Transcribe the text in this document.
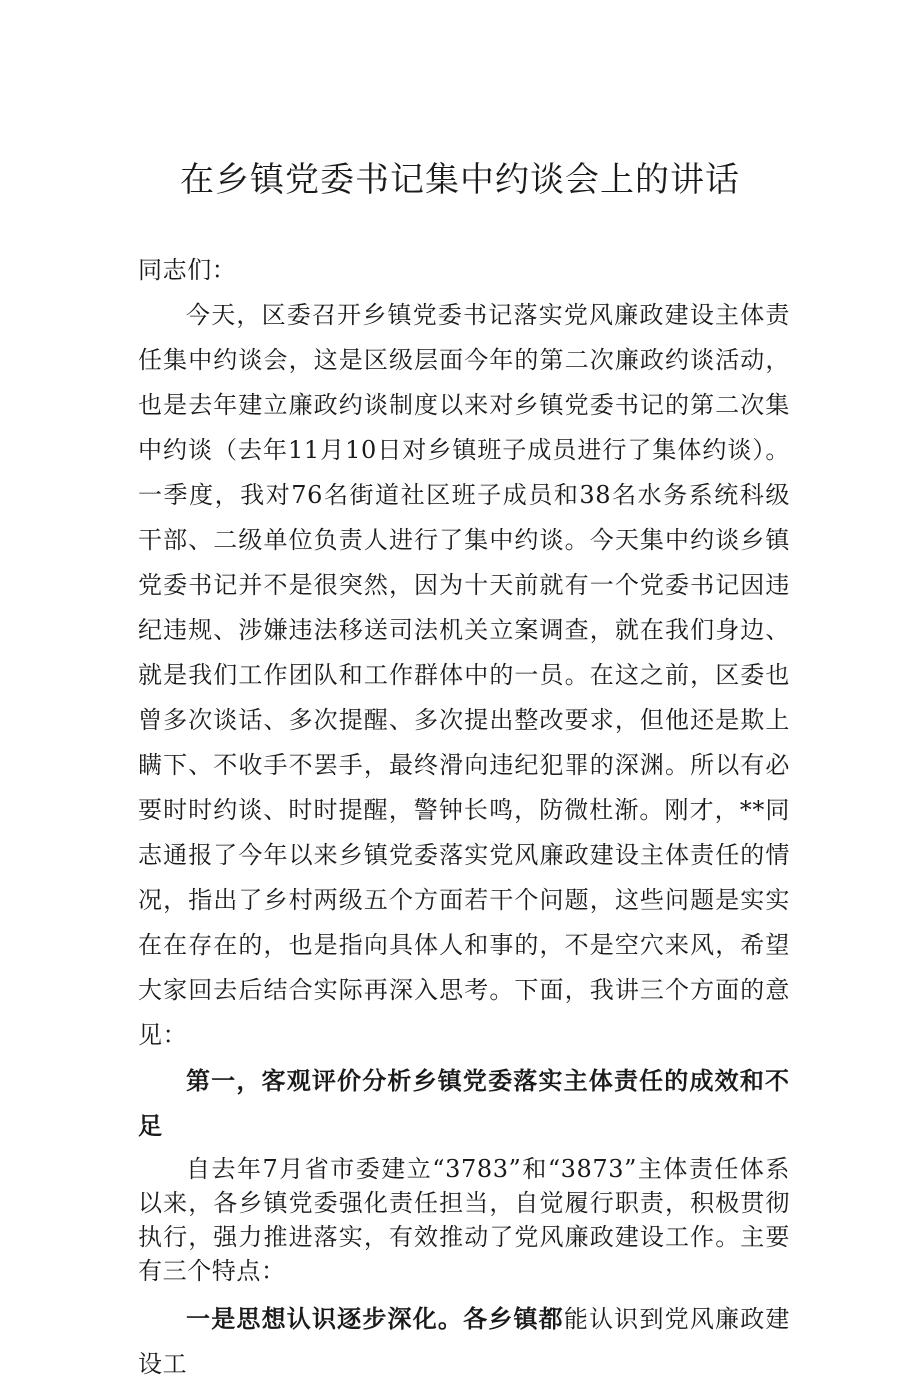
在乡镇党委书记集中约谈会上的讲话

同志们：

今天，区委召开乡镇党委书记落实党风廉政建设主体责任集中约谈会，这是区级层面今年的第二次廉政约谈活动，也是去年建立廉政约谈制度以来对乡镇党委书记的第二次集中约谈（去年11月10日对乡镇班子成员进行了集体约谈）。一季度，我对76名街道社区班子成员和38名水务系统科级干部、二级单位负责人进行了集中约谈。今天集中约谈乡镇党委书记并不是很突然，因为十天前就有一个党委书记因违纪违规、涉嫌违法移送司法机关立案调查，就在我们身边、就是我们工作团队和工作群体中的一员。在这之前，区委也曾多次谈话、多次提醒、多次提出整改要求，但他还是欺上瞒下、不收手不罢手，最终滑向违纪犯罪的深渊。所以有必要时时约谈、时时提醒，警钟长鸣，防微杜渐。刚才，**同志通报了今年以来乡镇党委落实党风廉政建设主体责任的情况，指出了乡村两级五个方面若干个问题，这些问题是实实在在存在的，也是指向具体人和事的，不是空穴来风，希望大家回去后结合实际再深入思考。下面，我讲三个方面的意见：

第一，客观评价分析乡镇党委落实主体责任的成效和不足

自去年7月省市委建立“3783”和“3873”主体责任体系以来，各乡镇党委强化责任担当，自觉履行职责，积极贯彻执行，强力推进落实，有效推动了党风廉政建设工作。主要有三个特点：

一是思想认识逐步深化。各乡镇都能认识到党风廉政建设工
